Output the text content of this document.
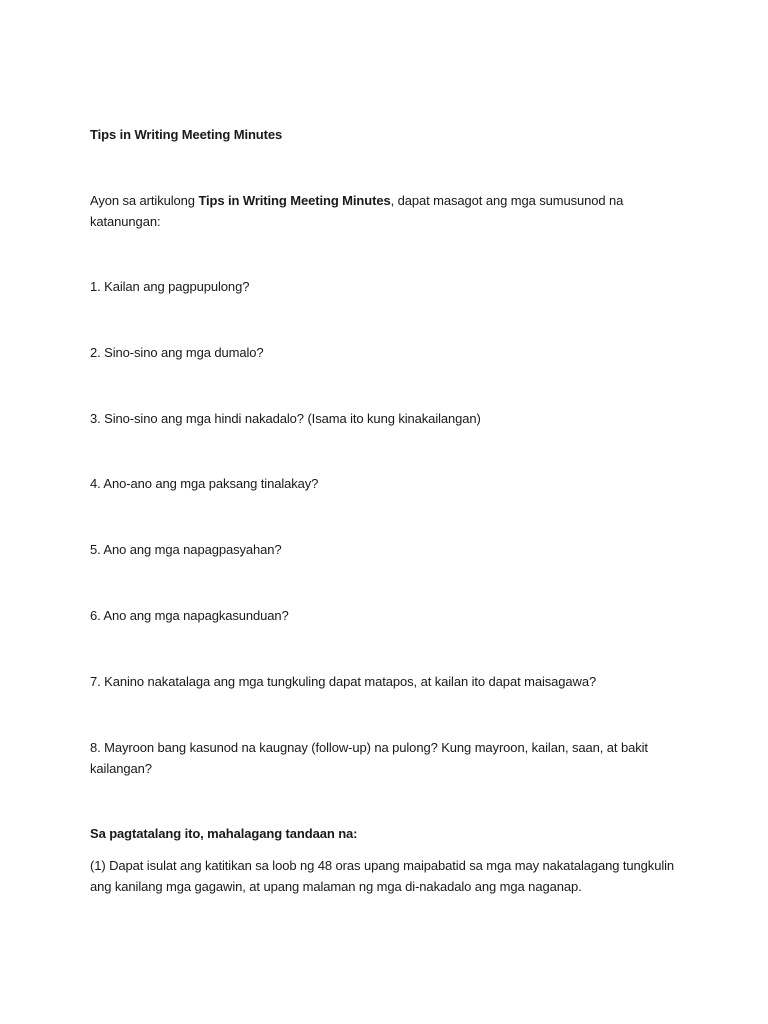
Tips in Writing Meeting Minutes

Ayon sa artikulong Tips in Writing Meeting Minutes, dapat masagot ang mga sumusunod na katanungan:

1. Kailan ang pagpupulong?

2. Sino-sino ang mga dumalo?

3. Sino-sino ang mga hindi nakadalo? (Isama ito kung kinakailangan)

4. Ano-ano ang mga paksang tinalakay?

5. Ano ang mga napagpasyahan?

6. Ano ang mga napagkasunduan?

7. Kanino nakatalaga ang mga tungkuling dapat matapos, at kailan ito dapat maisagawa?

8. Mayroon bang kasunod na kaugnay (follow-up) na pulong? Kung mayroon, kailan, saan, at bakit kailangan?

Sa pagtatalang ito, mahalagang tandaan na:

(1) Dapat isulat ang katitikan sa loob ng 48 oras upang maipabatid sa mga may nakatalagang tungkulin ang kanilang mga gagawin, at upang malaman ng mga di-nakadalo ang mga naganap.
